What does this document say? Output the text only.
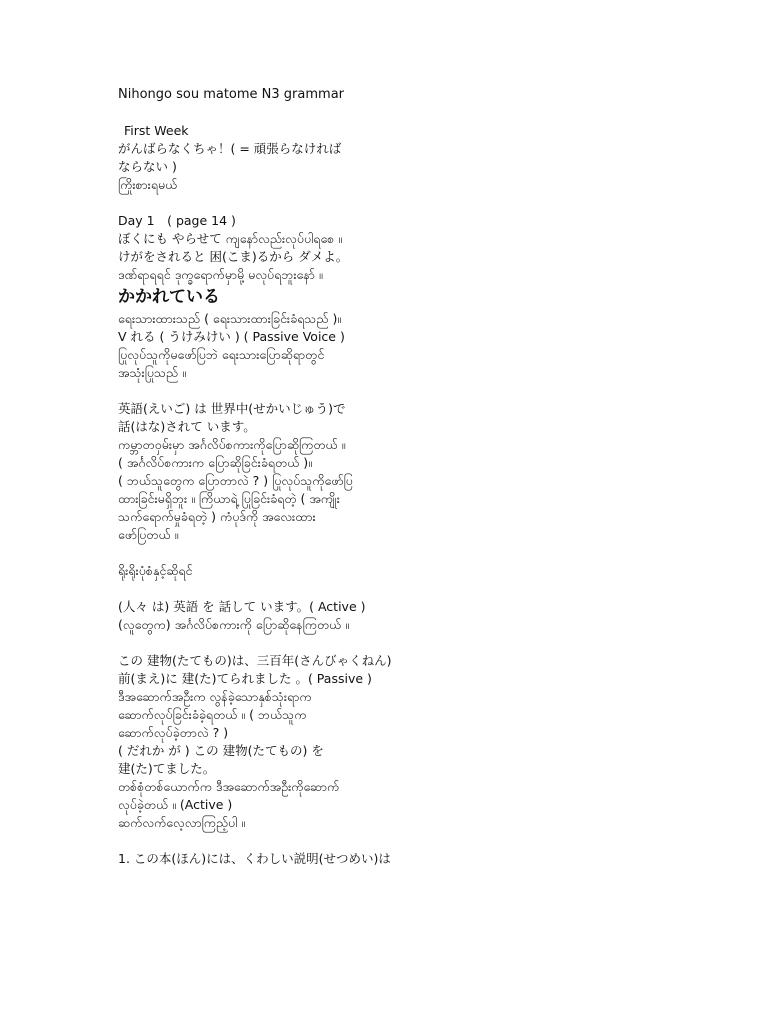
Nihongo sou matome N3 grammar
First Week
がんばらなくちゃ！( = 頑張らなければ
ならない )
ကြိုးစားရမယ်
Day 1　( page 14 )
ぼくにも やらせて ကျနော်လည်းလုပ်ပါရစေ ။
けがをされると 困(こま)るから ダメよ。
ဒဏ်ရာရရင် ဒုက္ခရောက်မှာမို့ မလုပ်ရဘူးနော် ။
かかれている
ရေးသားထားသည် ( ရေးသားထားခြင်းခံရသည် )။
V れる ( うけみけい ) ( Passive Voice )
ပြုလုပ်သူကိုမဖော်ပြဘဲ ရေးသားပြောဆိုရာတွင်
အသုံးပြုသည် ။
英語(えいご) は 世界中(せかいじゅう)で
話(はな)されて います。
ကမ္ဘာတဝှမ်းမှာ အင်္ဂလိပ်စကားကိုပြောဆိုကြတယ် ။
( အင်္ဂလိပ်စကားက ပြောဆိုခြင်းခံရတယ် )။
( ဘယ်သူတွေက ပြောတာလဲ ? ) ပြုလုပ်သူကိုဖော်ပြ
ထားခြင်းမရှိဘူး ။ ကြိယာရဲ့ ပြုခြင်းခံရတဲ့ ( အကျိုး
သက်ရောက်မှုခံရတဲ့ ) ကံပုဒ်ကို အလေးထား
ဖော်ပြတယ် ။
ရိုးရိုးပုံစံနှင့်ဆိုရင်
(人々 は) 英語 を 話して います。( Active )
(လူတွေက) အင်္ဂလိပ်စကားကို ပြောဆိုနေကြတယ် ။
この 建物(たてもの)は、三百年(さんびゃくねん)
前(まえ)に 建(た)てられました 。( Passive )
ဒီအဆောက်အဦးက လွန်ခဲ့သောနှစ်သုံးရာက
ဆောက်လုပ်ခြင်းခံခဲ့ရတယ် ။ ( ဘယ်သူက
ဆောက်လုပ်ခဲ့တာလဲ ? )
( だれか が ) この 建物(たてもの) を
建(た)てました。
တစ်စုံတစ်ယောက်က ဒီအဆောက်အဦးကိုဆောက်
လုပ်ခဲ့တယ် ။ (Active )
ဆက်လက်လေ့လာကြည့်ပါ ။
1. この本(ほん)には、くわしい説明(せつめい)は
